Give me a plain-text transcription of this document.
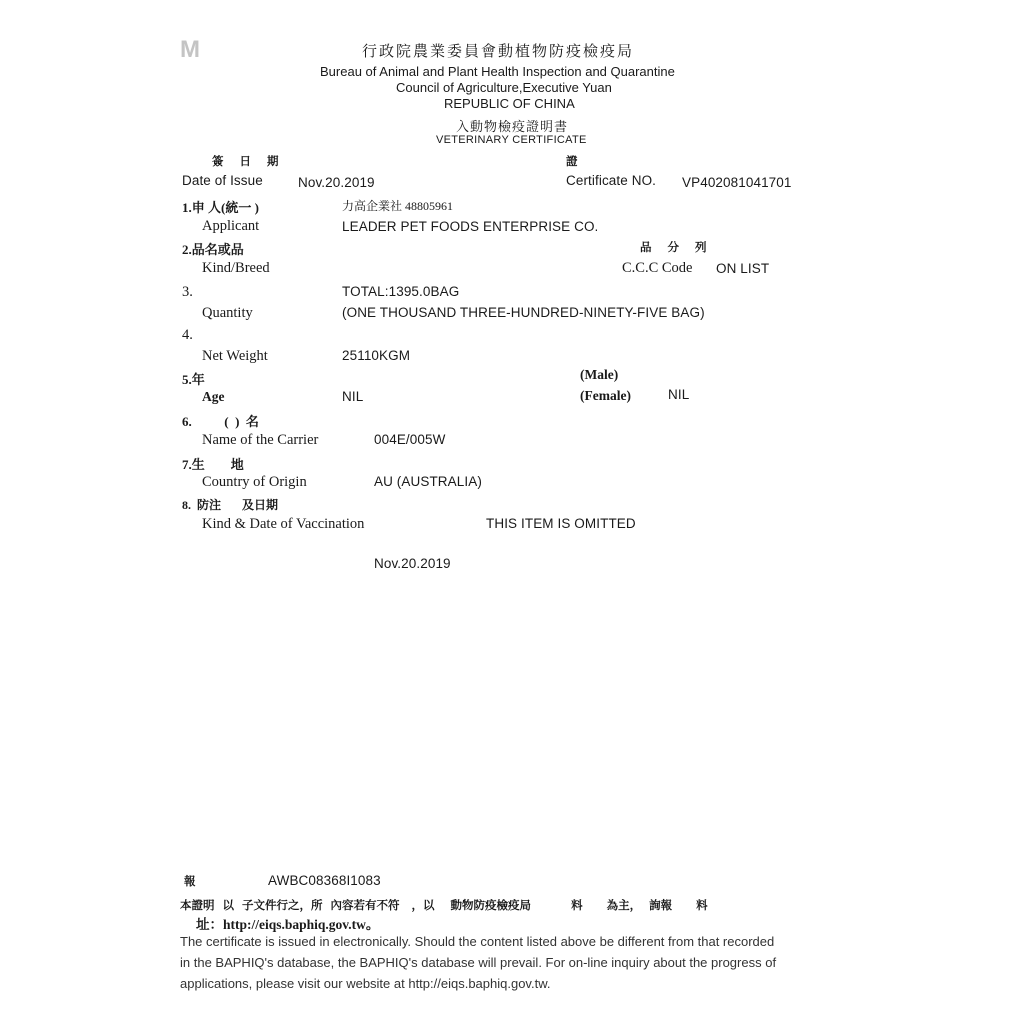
M	行政院農業委員會動植物防疫檢疫局
Bureau of Animal and Plant Health Inspection and Quarantine
Council of Agriculture,Executive Yuan
REPUBLIC OF CHINA
入動物檢疫證明書
VETERINARY CERTIFICATE
簽 日 期	證
Date of Issue	Nov.20.2019	Certificate NO. VP402081041701
1.申 人(統一 )	力高企業社 48805961
Applicant	LEADER PET FOODS ENTERPRISE CO.
2.品名或品	品    分    列
Kind/Breed	C.C.C Code ON LIST
3.	TOTAL:1395.0BAG
Quantity	(ONE THOUSAND THREE-HUNDRED-NINETY-FIVE BAG)
4.
Net Weight	25110KGM
5.年	(Male)
Age	NIL	(Female)	NIL
6.          (  )  名
Name of the Carrier	004E/005W
7.生        地
Country of Origin	AU (AUSTRALIA)
8.  防注       及日期
Kind & Date of Vaccination	THIS ITEM IS OMITTED
Nov.20.2019
報	AWBC08368I1083
本證明  以  子文件行之，所  內容若有不符   ，以    動物防疫檢疫局          料      為主，  詢報      料
址：http://eiqs.baphiq.gov.tw。
The certificate is issued in electronically. Should the content listed above be different from that recorded
in the BAPHIQ's database, the BAPHIQ's database will prevail. For on-line inquiry about the progress of
applications, please visit our website at http://eiqs.baphiq.gov.tw.
